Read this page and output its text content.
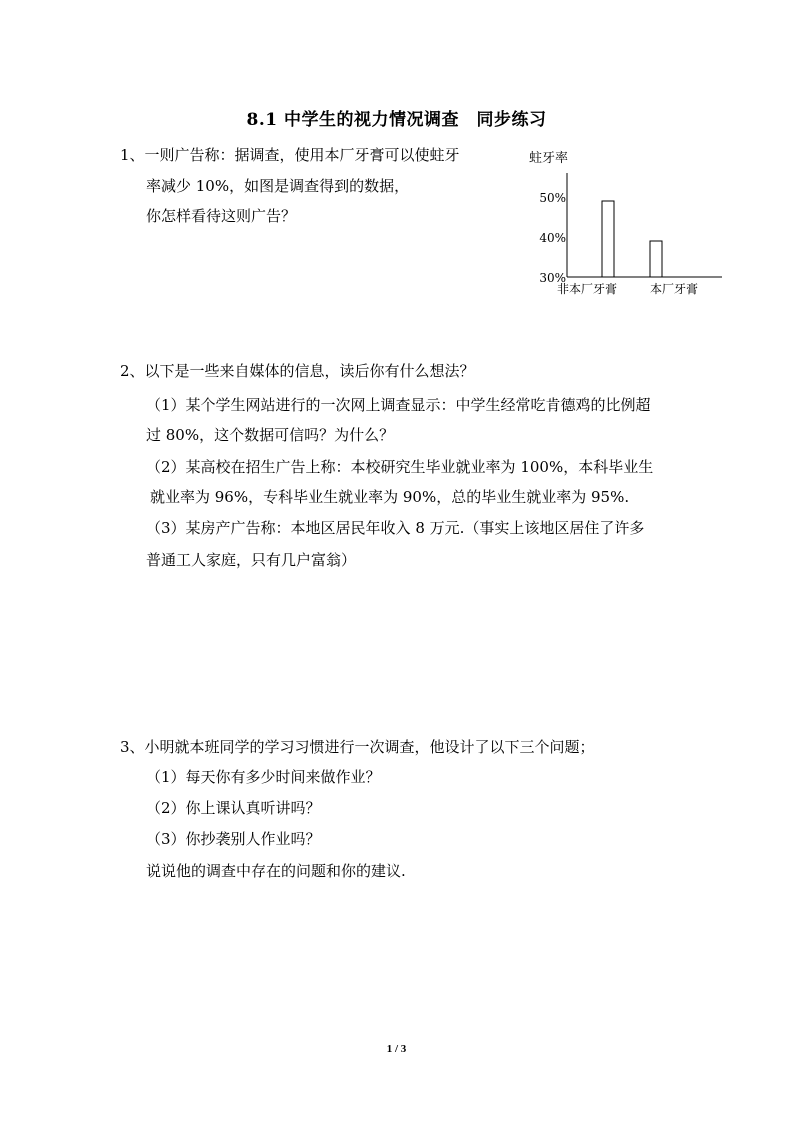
8.1 中学生的视力情况调查　同步练习
1、一则广告称：据调查，使用本厂牙膏可以使蛀牙
率减少 10%，如图是调查得到的数据，
你怎样看待这则广告？
蛀牙率
30%
40%
50%
非本厂牙膏	本厂牙膏
2、以下是一些来自媒体的信息，读后你有什么想法？
（1）某个学生网站进行的一次网上调查显示：中学生经常吃肯德鸡的比例超
过 80%，这个数据可信吗？为什么？
（2）某高校在招生广告上称：本校研究生毕业就业率为 100%，本科毕业生
就业率为 96%，专科毕业生就业率为 90%，总的毕业生就业率为 95%.
（3）某房产广告称：本地区居民年收入 8 万元.（事实上该地区居住了许多
普通工人家庭，只有几户富翁）
3、小明就本班同学的学习习惯进行一次调查，他设计了以下三个问题；
（1）每天你有多少时间来做作业？
（2）你上课认真听讲吗？
（3）你抄袭别人作业吗？
说说他的调查中存在的问题和你的建议.
1 / 3
